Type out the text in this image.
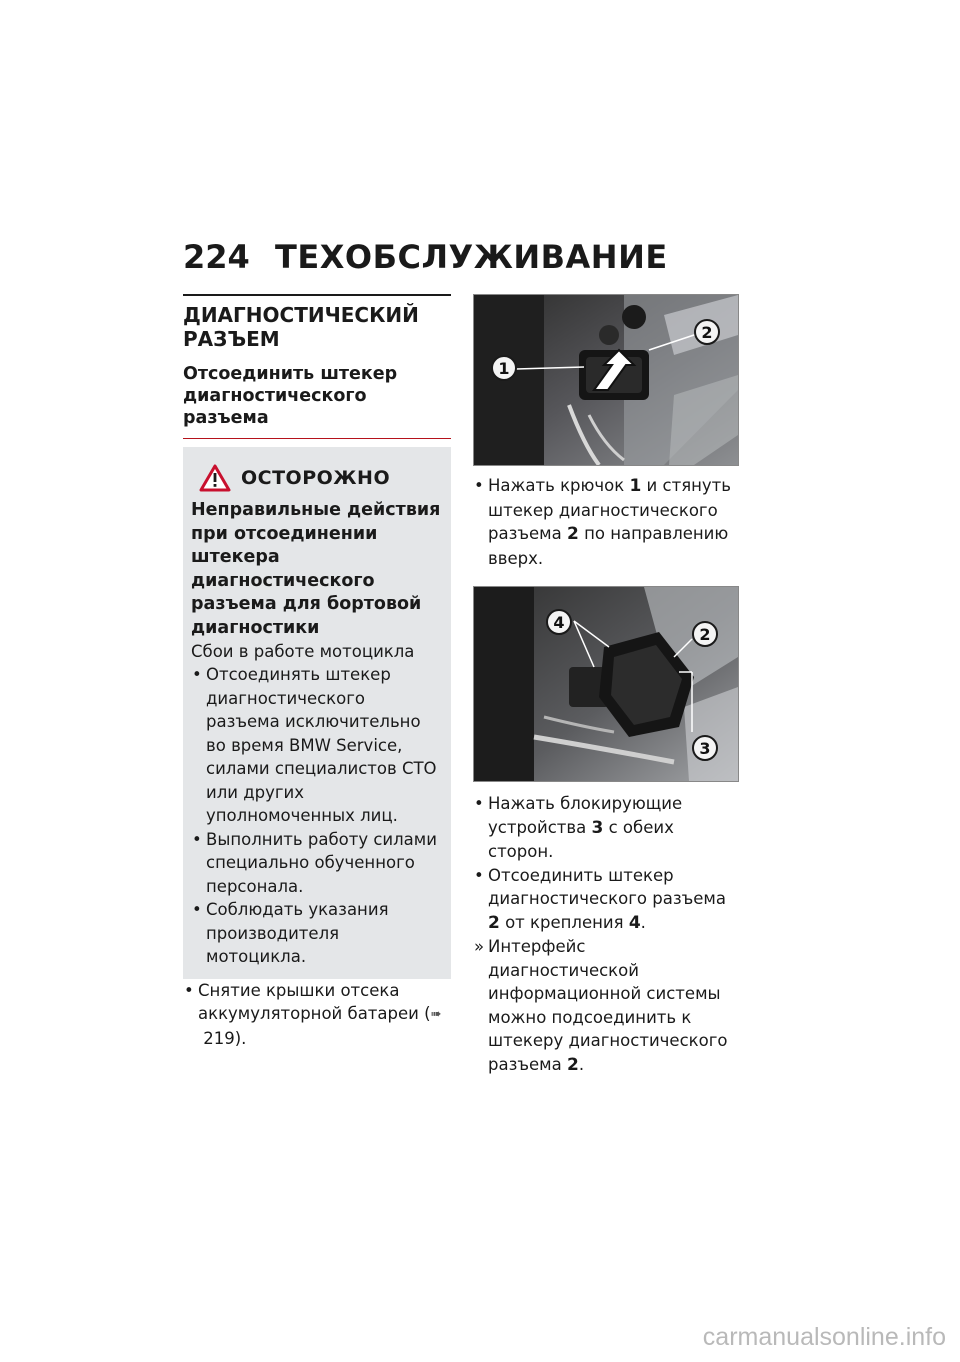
224 ТЕХОБСЛУЖИВАНИЕ
ДИАГНОСТИЧЕСКИЙ РАЗЪЕМ
Отсоединить штекер диагностического разъема
ОСТОРОЖНО
Неправильные действия при отсоединении штекера диагностического разъема для бортовой диагностики
Сбои в работе мотоцикла
• Отсоединять штекер диагностического разъема исключительно во время BMW Service, силами специалистов СТО или других уполномоченных лиц.
• Выполнить работу силами специально обученного персонала.
• Соблюдать указания производителя мотоцикла.
• Снятие крышки отсека аккумуляторной батареи (➠ 219).
1
2
• Нажать крючок 1 и стянуть штекер диагностического разъема 2 по направлению вверх.
4
2
3
• Нажать блокирующие устройства 3 с обеих сторон.
• Отсоединить штекер диагностического разъема 2 от крепления 4.
» Интерфейс диагностической информационной системы можно подсоединить к штекеру диагностического разъема 2.
carmanualsonline.info
